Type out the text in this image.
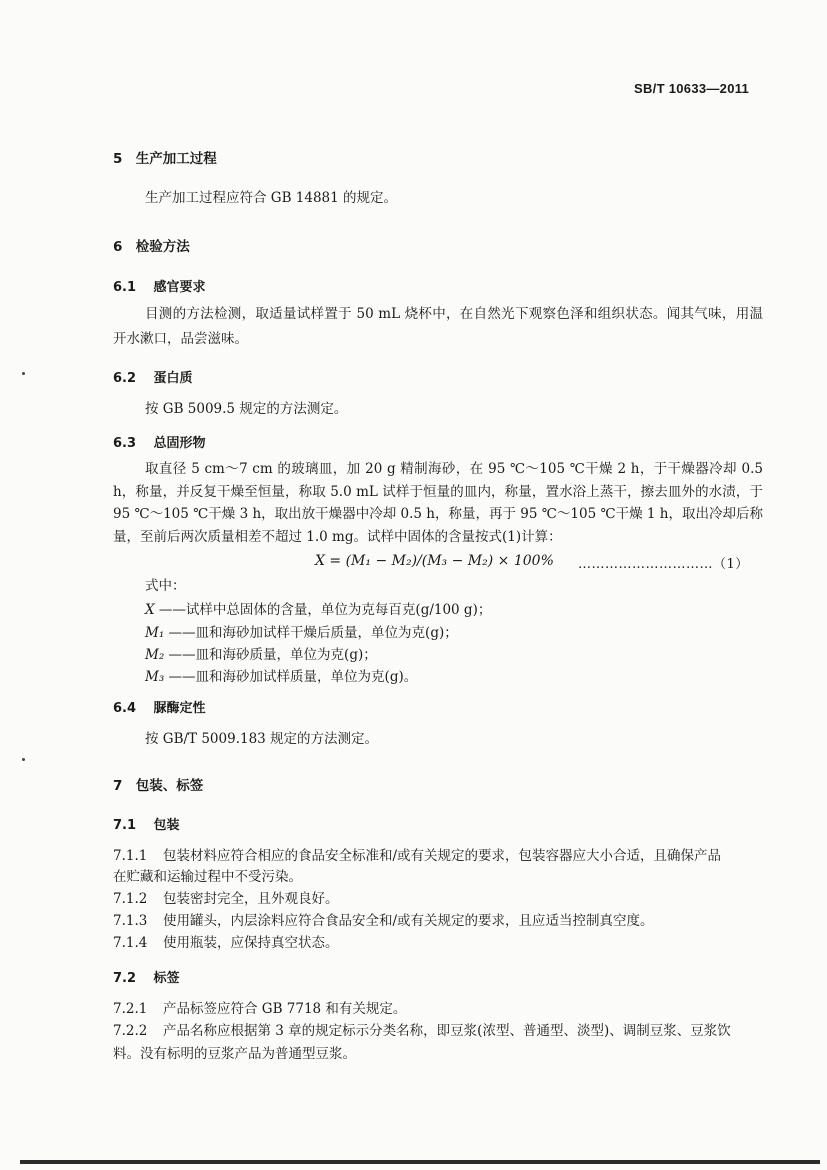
SB/T 10633—2011
5 生产加工过程
生产加工过程应符合 GB 14881 的规定。
6 检验方法
6.1 感官要求
目测的方法检测，取适量试样置于 50 mL 烧杯中，在自然光下观察色泽和组织状态。闻其气味，用温开水漱口，品尝滋味。
6.2 蛋白质
按 GB 5009.5 规定的方法测定。
6.3 总固形物
取直径 5 cm～7 cm 的玻璃皿，加 20 g 精制海砂，在 95 ℃～105 ℃干燥 2 h，于干燥器冷却 0.5 h，称量，并反复干燥至恒量，称取 5.0 mL 试样于恒量的皿内，称量，置水浴上蒸干，擦去皿外的水渍，于 95 ℃～105 ℃干燥 3 h，取出放干燥器中冷却 0.5 h，称量，再于 95 ℃～105 ℃干燥 1 h，取出冷却后称量，至前后两次质量相差不超过 1.0 mg。试样中固体的含量按式(1)计算：
X = (M₁ − M₂)/(M₃ − M₂) × 100% …………………………（1）
式中：
X ——试样中总固体的含量，单位为克每百克(g/100 g)；
M₁ ——皿和海砂加试样干燥后质量，单位为克(g)；
M₂ ——皿和海砂质量，单位为克(g)；
M₃ ——皿和海砂加试样质量，单位为克(g)。
6.4 脲酶定性
按 GB/T 5009.183 规定的方法测定。
7 包装、标签
7.1 包装
7.1.1 包装材料应符合相应的食品安全标准和/或有关规定的要求，包装容器应大小合适，且确保产品
在贮藏和运输过程中不受污染。
7.1.2 包装密封完全，且外观良好。
7.1.3 使用罐头，内层涂料应符合食品安全和/或有关规定的要求，且应适当控制真空度。
7.1.4 使用瓶装，应保持真空状态。
7.2 标签
7.2.1 产品标签应符合 GB 7718 和有关规定。
7.2.2 产品名称应根据第 3 章的规定标示分类名称，即豆浆(浓型、普通型、淡型)、调制豆浆、豆浆饮
料。没有标明的豆浆产品为普通型豆浆。
